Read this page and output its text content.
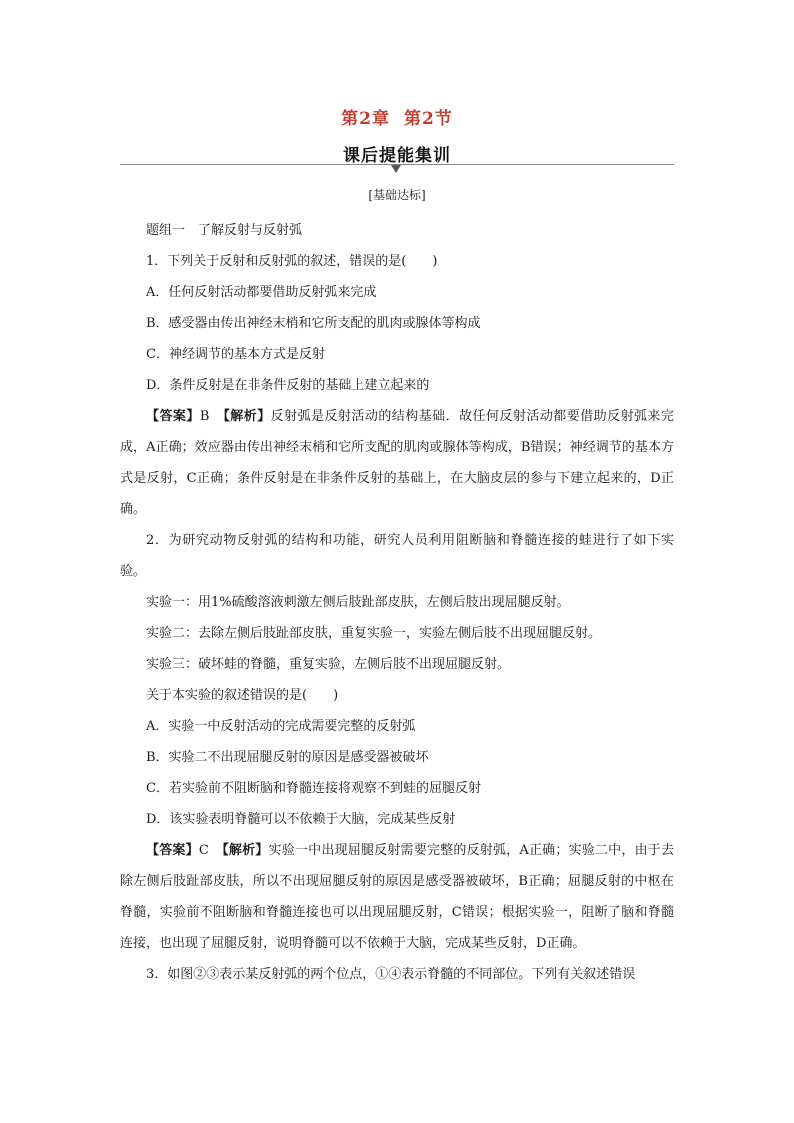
第2章 第2节
课后提能集训
[基础达标]
题组一　了解反射与反射弧
1．下列关于反射和反射弧的叙述，错误的是(　　)
A．任何反射活动都要借助反射弧来完成
B．感受器由传出神经末梢和它所支配的肌肉或腺体等构成
C．神经调节的基本方式是反射
D．条件反射是在非条件反射的基础上建立起来的
【答案】B　【解析】反射弧是反射活动的结构基础．故任何反射活动都要借助反射弧来完成，A正确；效应器由传出神经末梢和它所支配的肌肉或腺体等构成，B错误；神经调节的基本方式是反射，C正确；条件反射是在非条件反射的基础上，在大脑皮层的参与下建立起来的，D正确。
2．为研究动物反射弧的结构和功能，研究人员利用阻断脑和脊髓连接的蛙进行了如下实验。
实验一：用1%硫酸溶液刺激左侧后肢趾部皮肤，左侧后肢出现屈腿反射。
实验二：去除左侧后肢趾部皮肤，重复实验一，实验左侧后肢不出现屈腿反射。
实验三：破坏蛙的脊髓，重复实验，左侧后肢不出现屈腿反射。
关于本实验的叙述错误的是(　　)
A．实验一中反射活动的完成需要完整的反射弧
B．实验二不出现屈腿反射的原因是感受器被破坏
C．若实验前不阻断脑和脊髓连接将观察不到蛙的屈腿反射
D．该实验表明脊髓可以不依赖于大脑，完成某些反射
【答案】C　【解析】实验一中出现屈腿反射需要完整的反射弧，A正确；实验二中，由于去除左侧后肢趾部皮肤，所以不出现屈腿反射的原因是感受器被破坏，B正确；屈腿反射的中枢在脊髓，实验前不阻断脑和脊髓连接也可以出现屈腿反射，C错误；根据实验一，阻断了脑和脊髓连接，也出现了屈腿反射，说明脊髓可以不依赖于大脑，完成某些反射，D正确。
3．如图②③表示某反射弧的两个位点，①④表示脊髓的不同部位。下列有关叙述错误
